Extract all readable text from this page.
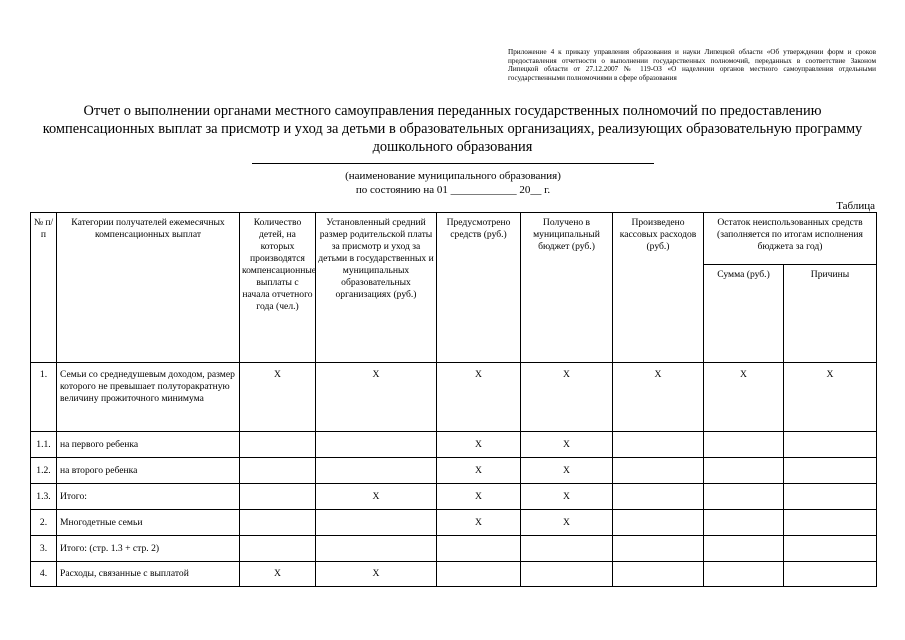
Приложение 4 к приказу управления образования и науки Липецкой области «Об утверждении форм и сроков предоставления отчетности о выполнении государственных полномочий, переданных в соответствие Законом Липецкой области от 27.12.2007 № 119-ОЗ «О наделении органов местного самоуправления отдельными государственными полномочиями в сфере образования
Отчет о выполнении органами местного самоуправления переданных государственных полномочий по предоставлению компенсационных выплат за присмотр и уход за детьми в образовательных организациях, реализующих образовательную программу дошкольного образования
(наименование муниципального образования)
по состоянию на 01 ____________ 20__ г.
Таблица
№ п/п	Категории получателей ежемесячных компенсационных выплат	Количество детей, на которых производятся компенсационные выплаты с начала отчетного года (чел.)	Установленный средний размер родительской платы за присмотр и уход за детьми в государственных и муниципальных образовательных организациях (руб.)	Предусмотрено средств (руб.)	Получено в муниципальный бюджет (руб.)	Произведено кассовых расходов (руб.)	Остаток неиспользованных средств (заполняется по итогам исполнения бюджета за год)	
							Сумма (руб.)	Причины
1.	Семьи со среднедушевым доходом, размер которого не превышает полуторакратную величину прожиточного минимума	X	X	X	X	X	X	X
1.1.	на первого ребенка			X	X			
1.2.	на второго ребенка			X	X			
1.3.	Итого:		X	X	X			
2.	Многодетные семьи			X	X			
3.	Итого: (стр. 1.3 + стр. 2)							
4.	Расходы, связанные с выплатой	X	X					
